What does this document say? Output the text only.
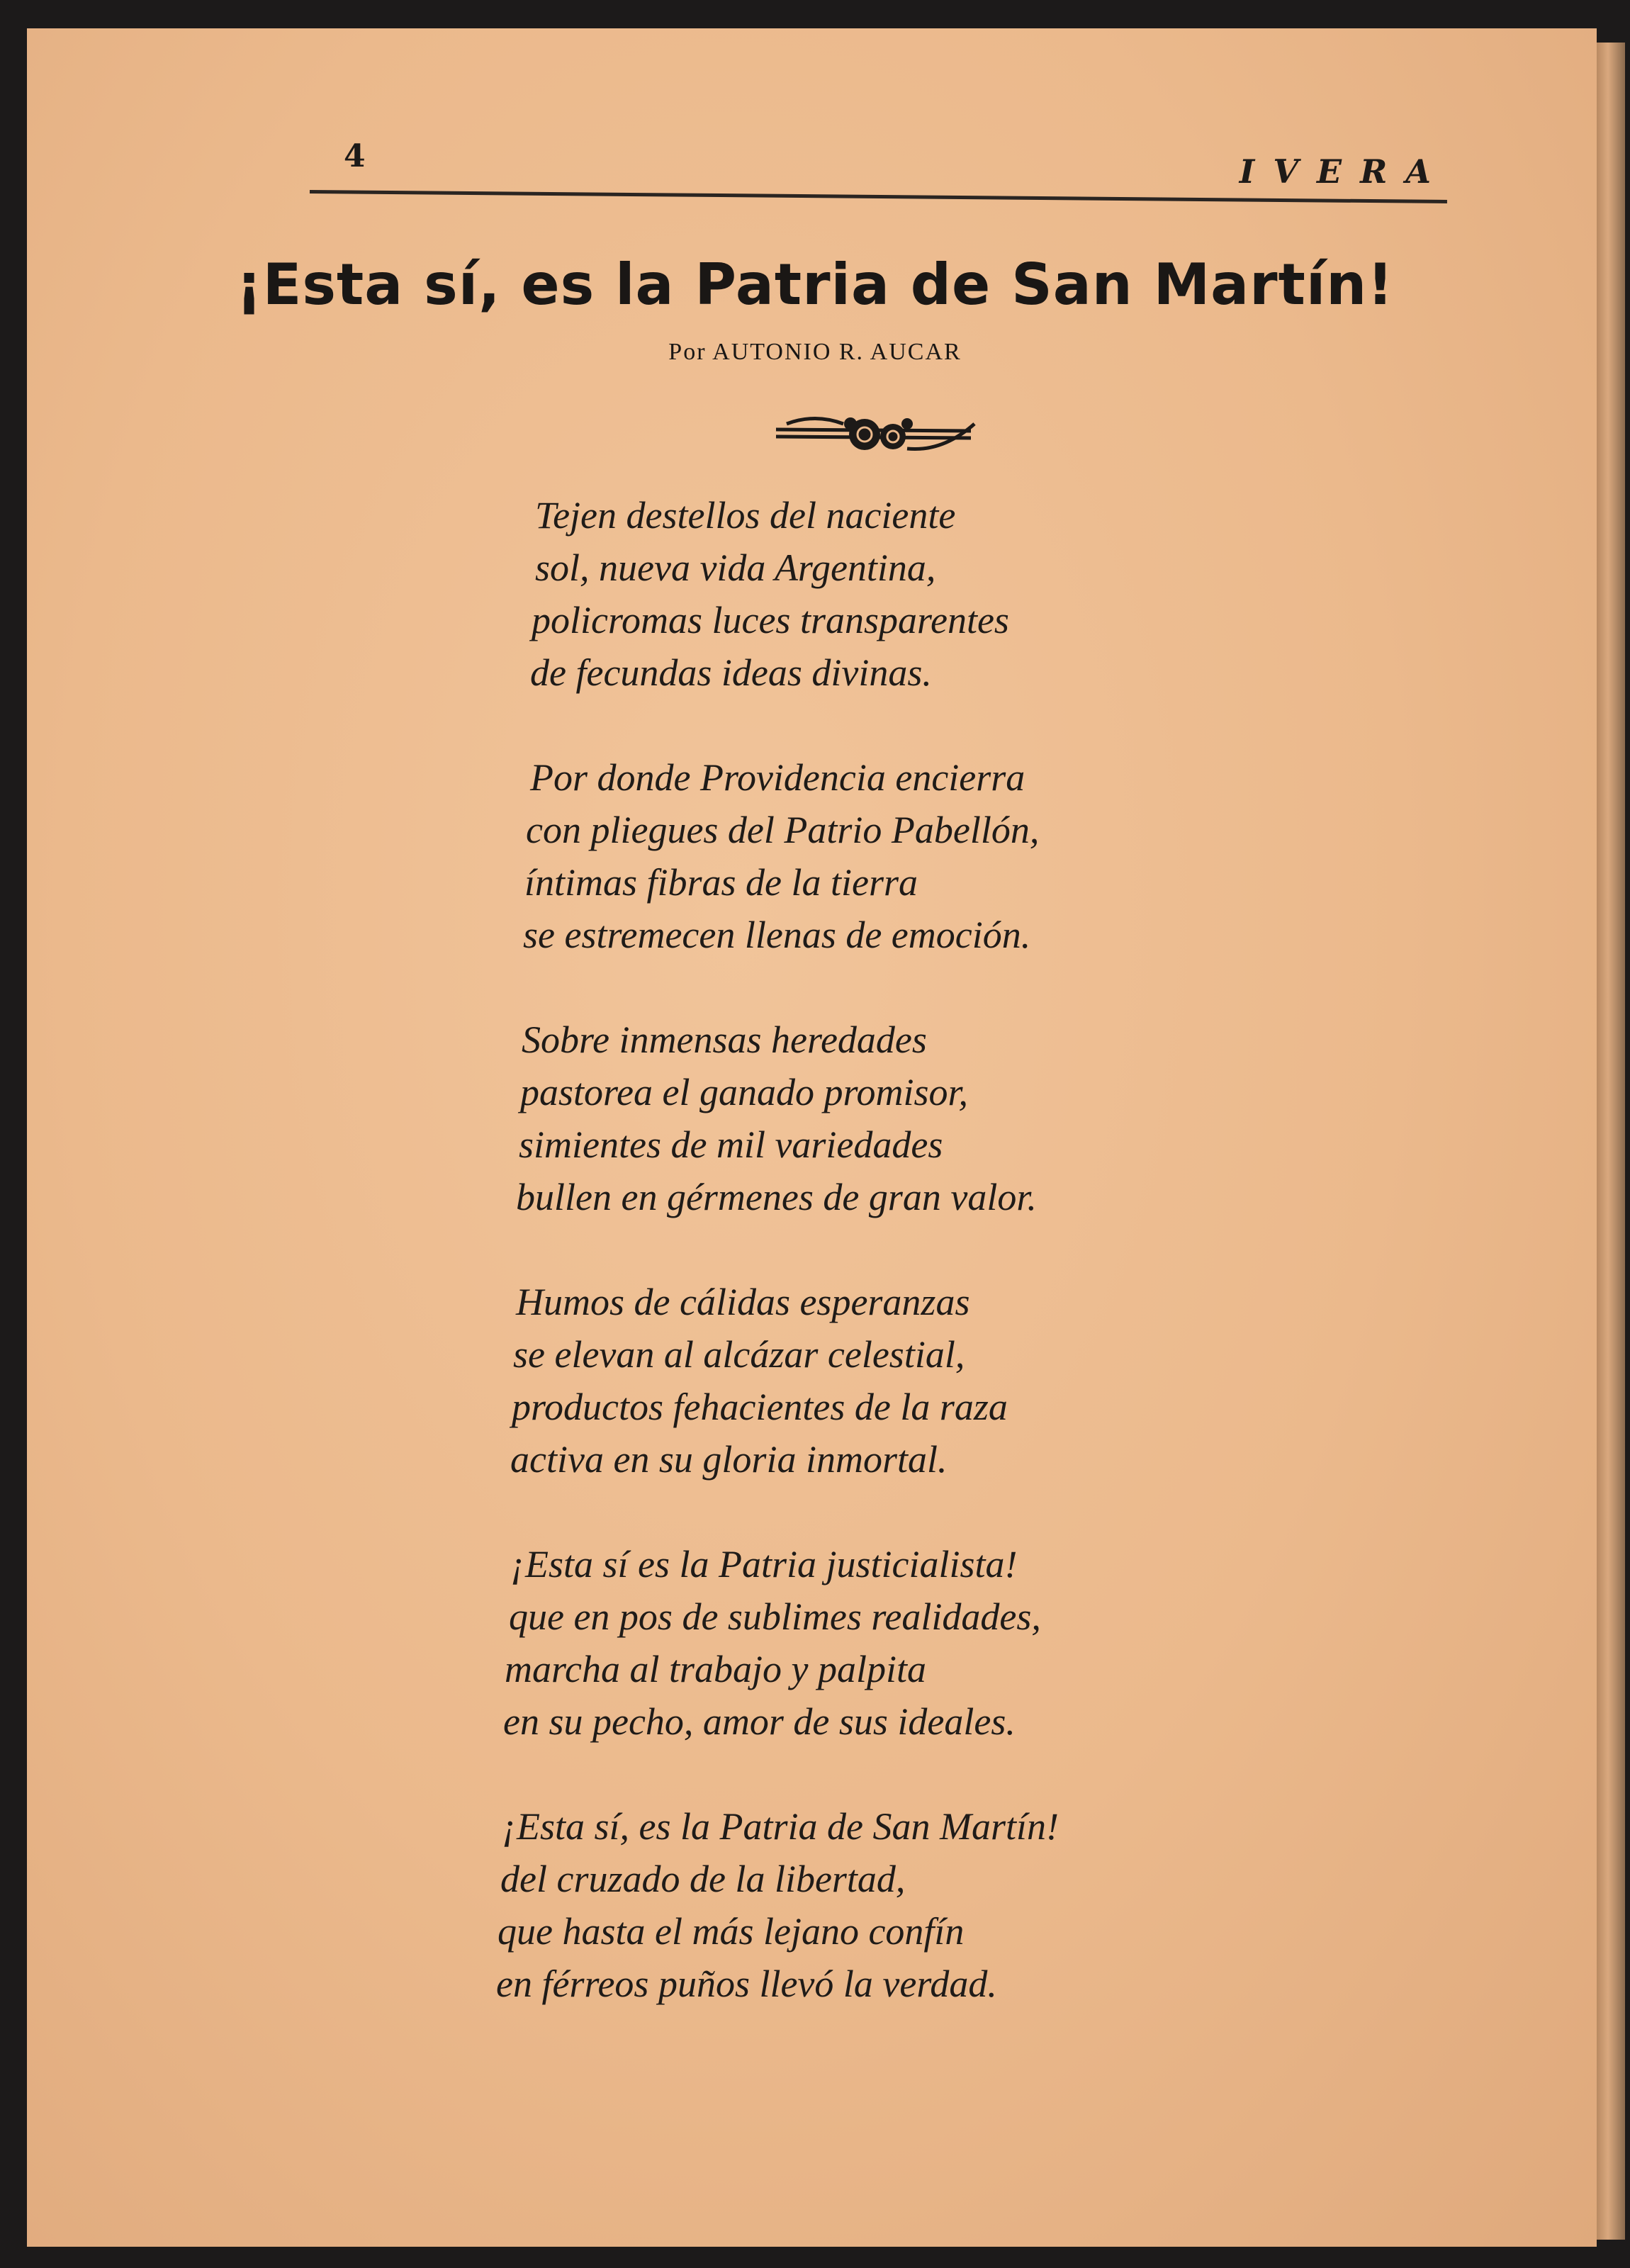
4	IVERA
¡Esta sí, es la Patria de San Martín!
Por AUTONIO R. AUCAR
Tejen destellos del naciente
sol, nueva vida Argentina,
policromas luces transparentes
de fecundas ideas divinas.
Por donde Providencia encierra
con pliegues del Patrio Pabellón,
íntimas fibras de la tierra
se estremecen llenas de emoción.
Sobre inmensas heredades
pastorea el ganado promisor,
simientes de mil variedades
bullen en gérmenes de gran valor.
Humos de cálidas esperanzas
se elevan al alcázar celestial,
productos fehacientes de la raza
activa en su gloria inmortal.
¡Esta sí es la Patria justicialista!
que en pos de sublimes realidades,
marcha al trabajo y palpita
en su pecho, amor de sus ideales.
¡Esta sí, es la Patria de San Martín!
del cruzado de la libertad,
que hasta el más lejano confín
en férreos puños llevó la verdad.
